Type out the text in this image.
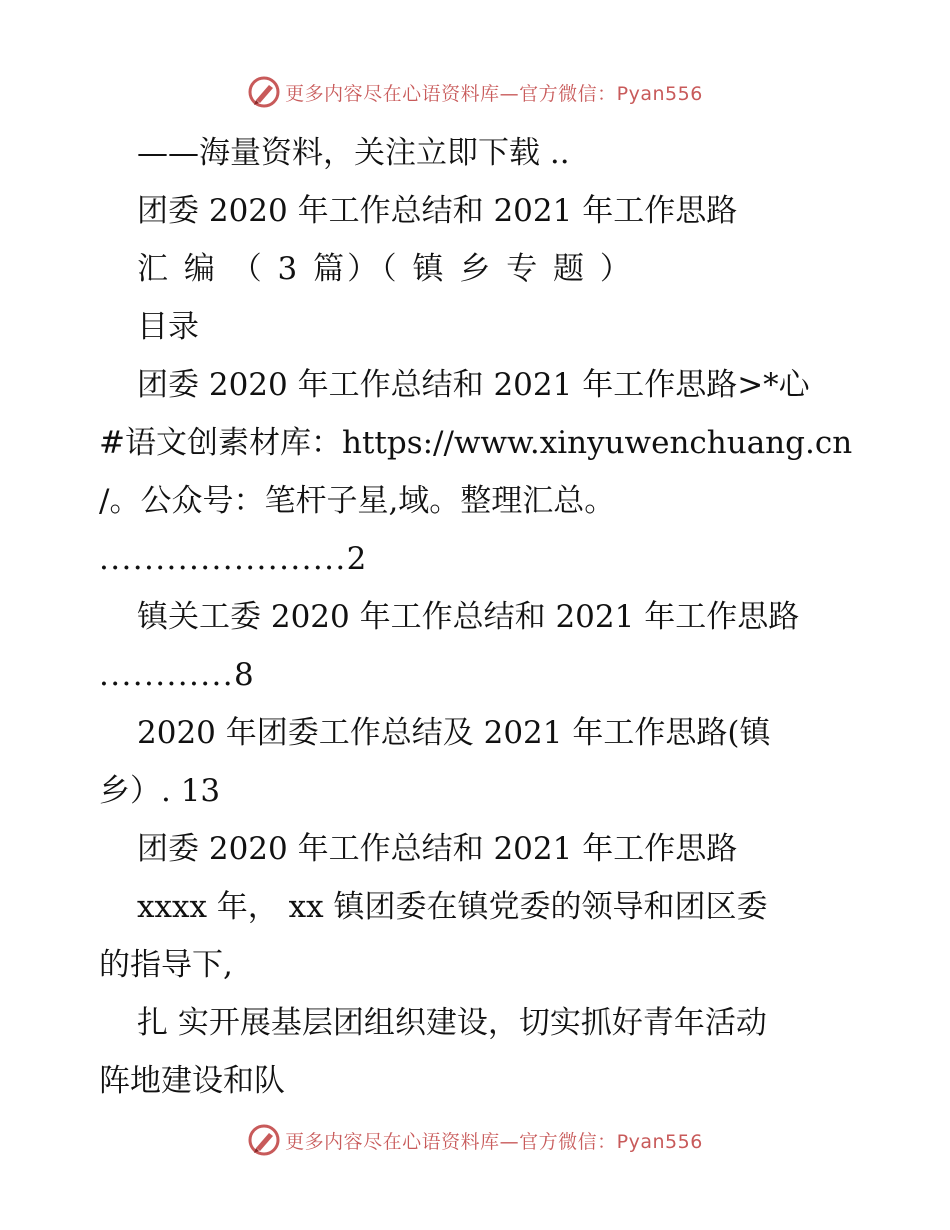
更多内容尽在心语资料库—官方微信：Pyan556
——海量资料，关注立即下载 ..
团委 2020 年工作总结和 2021 年工作思路
汇 编 （ 3 篇）（ 镇 乡 专 题 ）
目录
团委 2020 年工作总结和 2021 年工作思路>*心
#语文创素材库：https://www.xinyuwenchuang.cn
/。公众号：笔杆子星,域。整理汇总。
......................2
镇关工委 2020 年工作总结和 2021 年工作思路
............8
2020 年团委工作总结及 2021 年工作思路(镇
乡）. 13
团委 2020 年工作总结和 2021 年工作思路
xxxx 年， xx 镇团委在镇党委的领导和团区委
的指导下,
扎 实开展基层团组织建设，切实抓好青年活动
阵地建设和队
更多内容尽在心语资料库—官方微信：Pyan556
